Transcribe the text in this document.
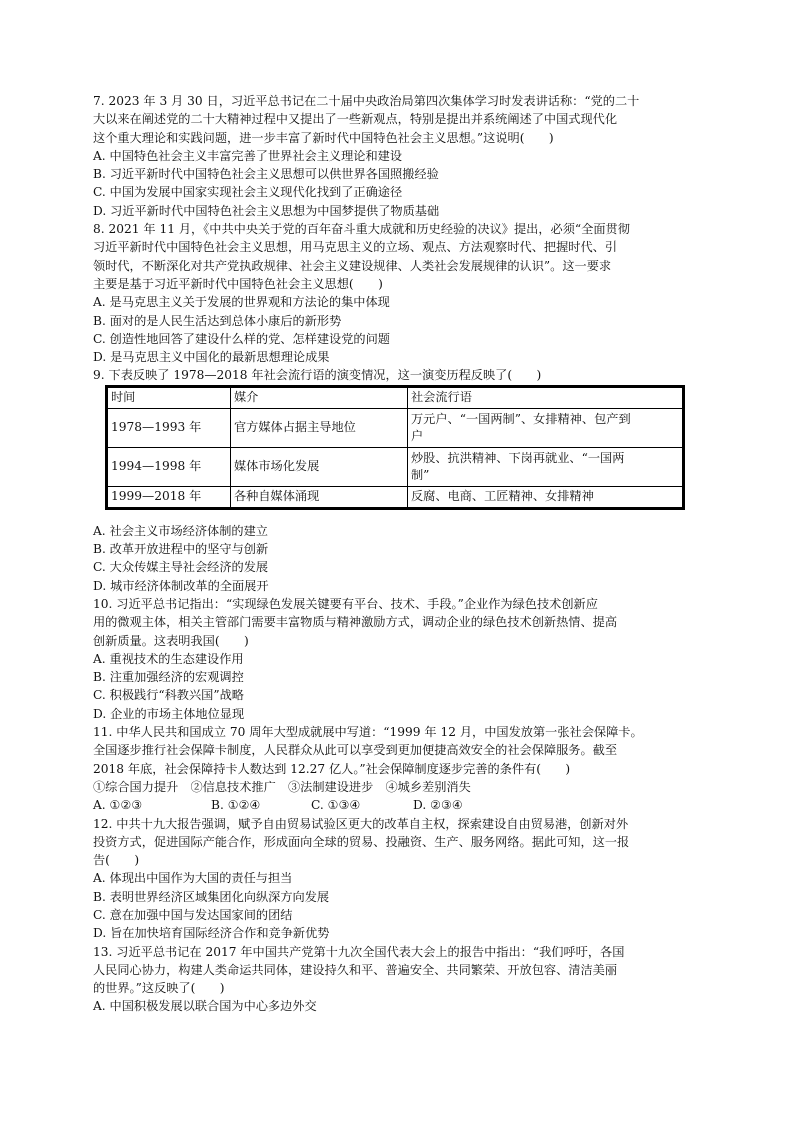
7. 2023 年 3 月 30 日，习近平总书记在二十届中央政治局第四次集体学习时发表讲话称：“党的二十
大以来在阐述党的二十大精神过程中又提出了一些新观点，特别是提出并系统阐述了中国式现代化
这个重大理论和实践问题，进一步丰富了新时代中国特色社会主义思想。”这说明(　　)
A. 中国特色社会主义丰富完善了世界社会主义理论和建设
B. 习近平新时代中国特色社会主义思想可以供世界各国照搬经验
C. 中国为发展中国家实现社会主义现代化找到了正确途径
D. 习近平新时代中国特色社会主义思想为中国梦提供了物质基础
8. 2021 年 11 月，《中共中央关于党的百年奋斗重大成就和历史经验的决议》提出，必须“全面贯彻
习近平新时代中国特色社会主义思想，用马克思主义的立场、观点、方法观察时代、把握时代、引
领时代，不断深化对共产党执政规律、社会主义建设规律、人类社会发展规律的认识”。这一要求
主要是基于习近平新时代中国特色社会主义思想(　　)
A. 是马克思主义关于发展的世界观和方法论的集中体现
B. 面对的是人民生活达到总体小康后的新形势
C. 创造性地回答了建设什么样的党、怎样建设党的问题
D. 是马克思主义中国化的最新思想理论成果
9. 下表反映了 1978—2018 年社会流行语的演变情况，这一演变历程反映了(　　)
时间	媒介	社会流行语
1978—1993 年	官方媒体占据主导地位	万元户、“一国两制”、女排精神、包产到
户

1994—1998 年	媒体市场化发展	炒股、抗洪精神、下岗再就业、“一国两
制”

1999—2018 年	各种自媒体涌现	反腐、电商、工匠精神、女排精神
A. 社会主义市场经济体制的建立
B. 改革开放进程中的坚守与创新
C. 大众传媒主导社会经济的发展
D. 城市经济体制改革的全面展开
10. 习近平总书记指出：“实现绿色发展关键要有平台、技术、手段。”企业作为绿色技术创新应
用的微观主体，相关主管部门需要丰富物质与精神激励方式，调动企业的绿色技术创新热情、提高
创新质量。这表明我国(　　)
A. 重视技术的生态建设作用
B. 注重加强经济的宏观调控
C. 积极践行“科教兴国”战略
D. 企业的市场主体地位显现
11. 中华人民共和国成立 70 周年大型成就展中写道：“1999 年 12 月，中国发放第一张社会保障卡。
全国逐步推行社会保障卡制度，人民群众从此可以享受到更加便捷高效安全的社会保障服务。截至
2018 年底，社会保障持卡人数达到 12.27 亿人。”社会保障制度逐步完善的条件有(　　)
①综合国力提升　②信息技术推广　③法制建设进步　④城乡差别消失
A. ①②③	B. ①②④	C. ①③④	D. ②③④
12. 中共十九大报告强调，赋予自由贸易试验区更大的改革自主权，探索建设自由贸易港，创新对外
投资方式，促进国际产能合作，形成面向全球的贸易、投融资、生产、服务网络。据此可知，这一报
告(　　)
A. 体现出中国作为大国的责任与担当
B. 表明世界经济区域集团化向纵深方向发展
C. 意在加强中国与发达国家间的团结
D. 旨在加快培育国际经济合作和竞争新优势
13. 习近平总书记在 2017 年中国共产党第十九次全国代表大会上的报告中指出：“我们呼吁，各国
人民同心协力，构建人类命运共同体，建设持久和平、普遍安全、共同繁荣、开放包容、清洁美丽
的世界。”这反映了(　　)
A. 中国积极发展以联合国为中心多边外交
